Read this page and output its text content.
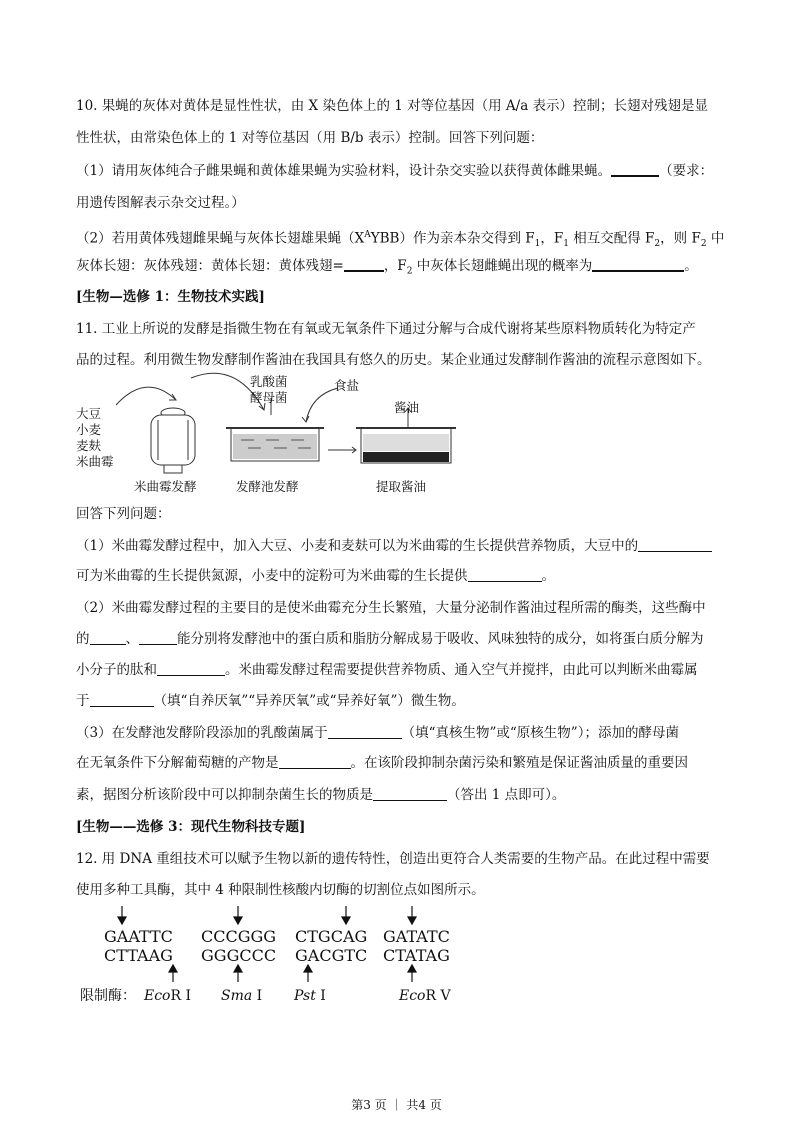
10. 果蝇的灰体对黄体是显性性状，由 X 染色体上的 1 对等位基因（用 A/a 表示）控制；长翅对残翅是显
性性状，由常染色体上的 1 对等位基因（用 B/b 表示）控制。回答下列问题：
（1）请用灰体纯合子雌果蝇和黄体雄果蝇为实验材料，设计杂交实验以获得黄体雌果蝇。	（要求：
用遗传图解表示杂交过程。）
（2）若用黄体残翅雌果蝇与灰体长翅雄果蝇$(X^AYBB)$作为亲本杂交得到 $F_1$，$F_1$ 相互交配得 $F_2$，则 $F_2$ 中
灰体长翅：灰体残翅：黄体长翅：黄体残翅=	，$F_2$ 中灰体长翅雌蝇出现的概率为	。
[生物—选修 1：生物技术实践]
11. 工业上所说的发酵是指微生物在有氧或无氧条件下通过分解与合成代谢将某些原料物质转化为特定产
品的过程。利用微生物发酵制作酱油在我国具有悠久的历史。某企业通过发酵制作酱油的流程示意图如下。
大豆
小麦
麦麸
米曲霉
乳酸菌
酵母菌
食盐
酱油
米曲霉发酵	发酵池发酵	提取酱油
回答下列问题：
（1）米曲霉发酵过程中，加入大豆、小麦和麦麸可以为米曲霉的生长提供营养物质，大豆中的
可为米曲霉的生长提供氮源，小麦中的淀粉可为米曲霉的生长提供	。
（2）米曲霉发酵过程的主要目的是使米曲霉充分生长繁殖，大量分泌制作酱油过程所需的酶类，这些酶中
的	、	能分别将发酵池中的蛋白质和脂肪分解成易于吸收、风味独特的成分，如将蛋白质分解为
小分子的肽和	。米曲霉发酵过程需要提供营养物质、通入空气并搅拌，由此可以判断米曲霉属
于	（填“自养厌氧”“异养厌氧”或“异养好氧”）微生物。
（3）在发酵池发酵阶段添加的乳酸菌属于	（填“真核生物”或“原核生物”）；添加的酵母菌
在无氧条件下分解葡萄糖的产物是	。在该阶段抑制杂菌污染和繁殖是保证酱油质量的重要因
素，据图分析该阶段中可以抑制杂菌生长的物质是	（答出 1 点即可）。
[生物——选修 3：现代生物科技专题]
12. 用 DNA 重组技术可以赋予生物以新的遗传特性，创造出更符合人类需要的生物产品。在此过程中需要
使用多种工具酶，其中 4 种限制性核酸内切酶的切割位点如图所示。
GAATTC CCCGGG CTGCAG GATATC
CTTAAG GGGCCC GACGTC CTATAG
限制酶： EcoR I Sma I Pst I	EcoR V
第3 页 ｜ 共4 页
